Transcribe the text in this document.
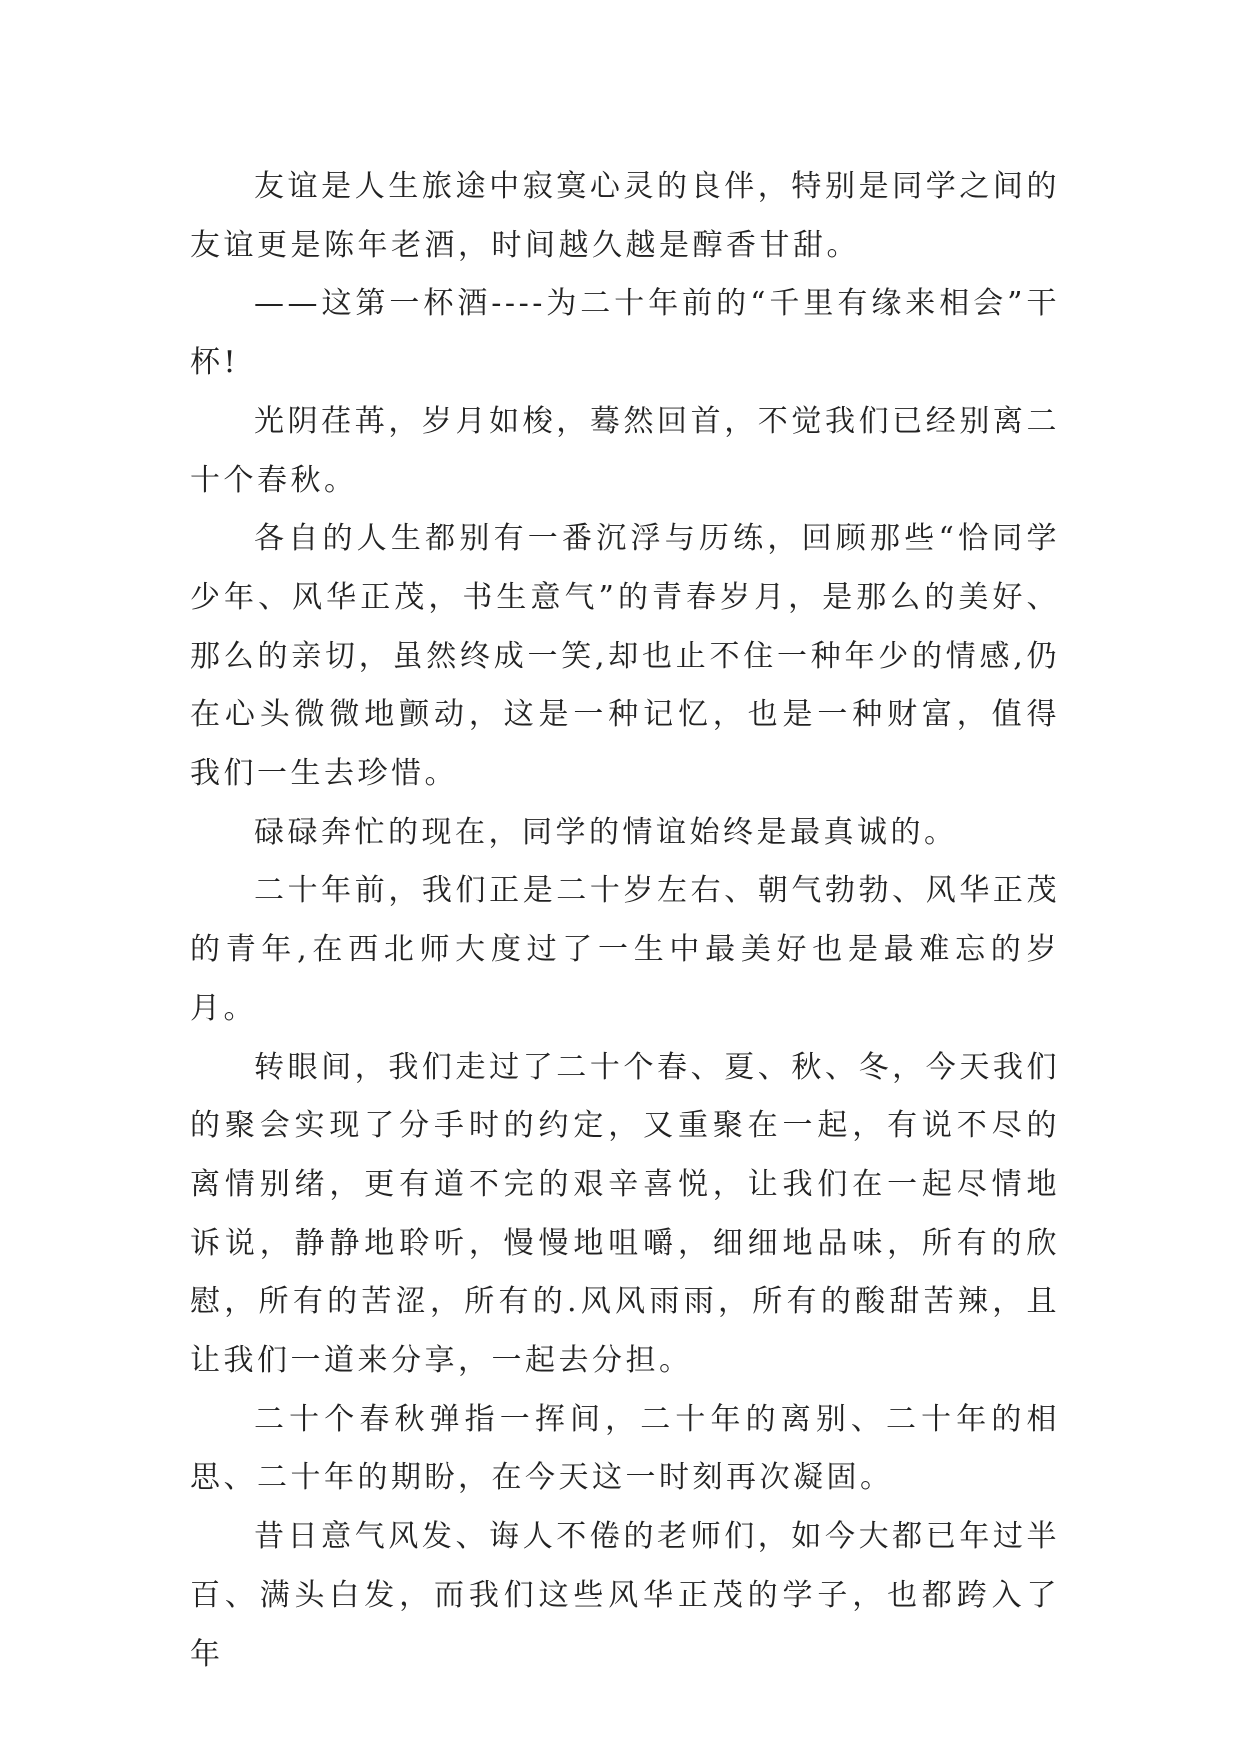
友谊是人生旅途中寂寞心灵的良伴，特别是同学之间的友谊更是陈年老酒，时间越久越是醇香甘甜。

——这第一杯酒----为二十年前的“千里有缘来相会”干杯!

光阴荏苒，岁月如梭，蓦然回首，不觉我们已经别离二十个春秋。

各自的人生都别有一番沉浮与历练，回顾那些“恰同学少年、风华正茂，书生意气”的青春岁月，是那么的美好、那么的亲切，虽然终成一笑,却也止不住一种年少的情感,仍在心头微微地颤动，这是一种记忆，也是一种财富，值得我们一生去珍惜。

碌碌奔忙的现在，同学的情谊始终是最真诚的。

二十年前，我们正是二十岁左右、朝气勃勃、风华正茂的青年,在西北师大度过了一生中最美好也是最难忘的岁月。

转眼间，我们走过了二十个春、夏、秋、冬，今天我们的聚会实现了分手时的约定，又重聚在一起，有说不尽的离情别绪，更有道不完的艰辛喜悦，让我们在一起尽情地诉说，静静地聆听，慢慢地咀嚼，细细地品味，所有的欣慰，所有的苦涩，所有的.风风雨雨，所有的酸甜苦辣，且让我们一道来分享，一起去分担。

二十个春秋弹指一挥间，二十年的离别、二十年的相思、二十年的期盼，在今天这一时刻再次凝固。

昔日意气风发、诲人不倦的老师们，如今大都已年过半百、满头白发，而我们这些风华正茂的学子，也都跨入了年
